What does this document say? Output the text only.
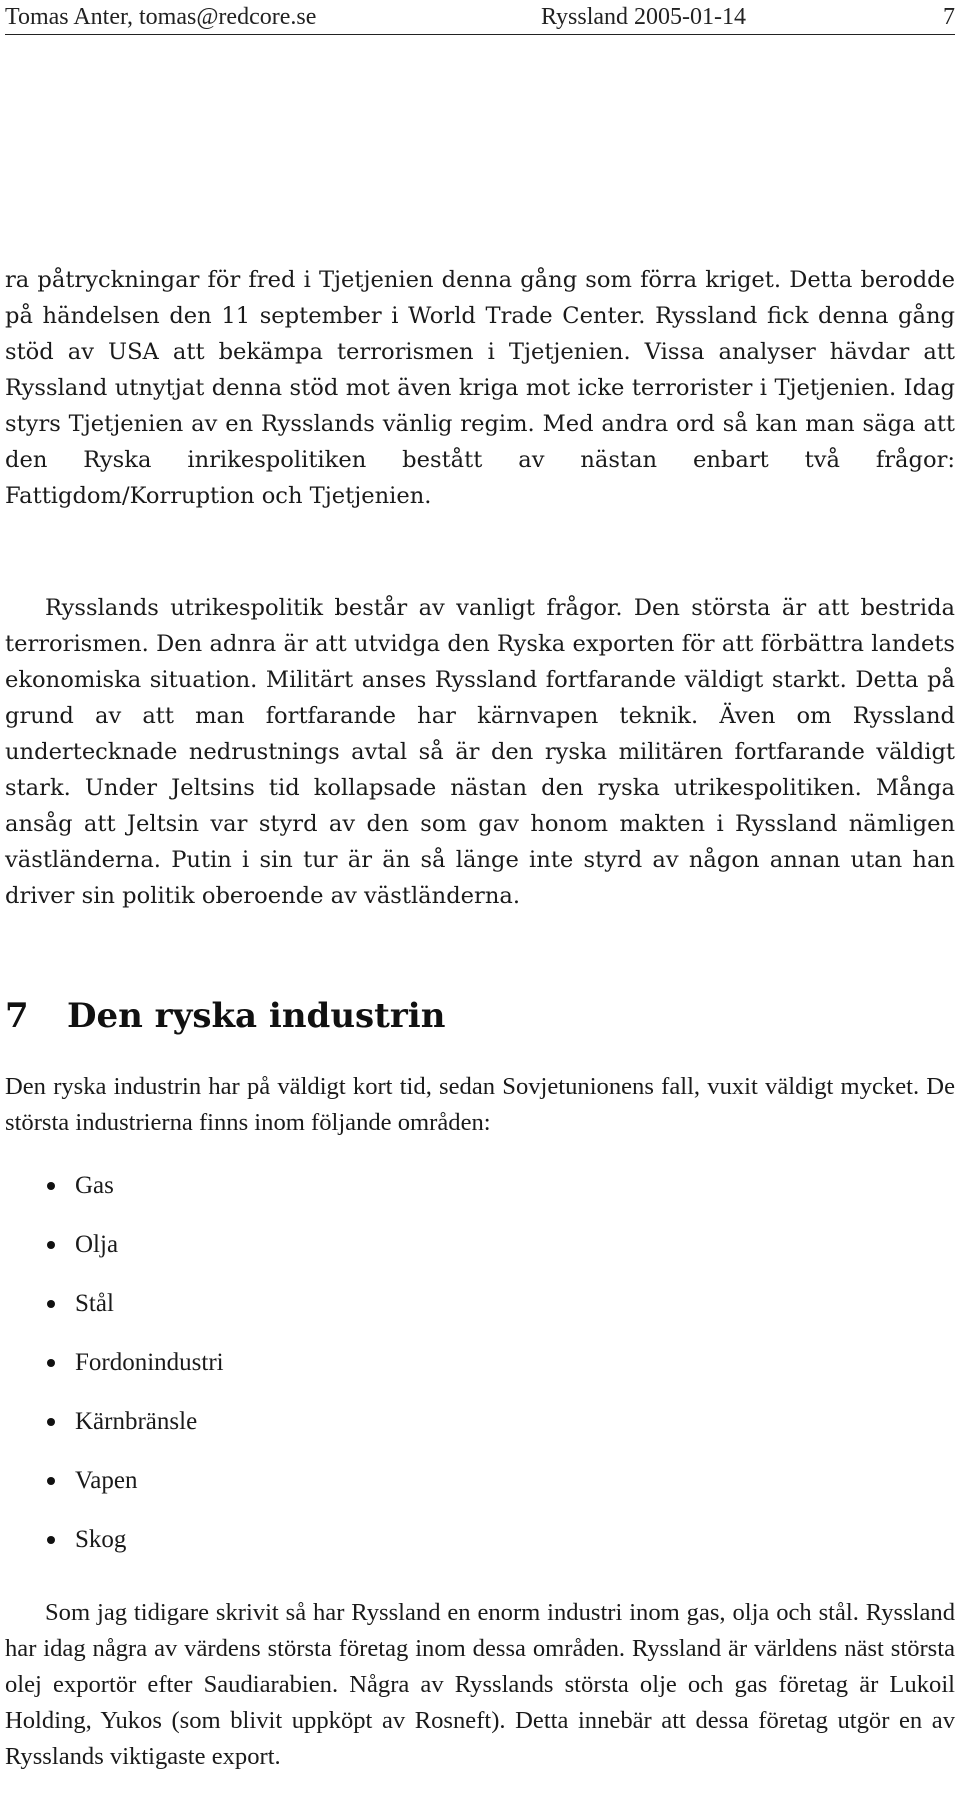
Tomas Anter, tomas@redcore.se	Ryssland 2005-01-14	7

ra påtryckningar för fred i Tjetjenien denna gång som förra kriget. Detta berodde på händelsen den 11 september i World Trade Center. Ryssland fick denna gång stöd av USA att bekämpa terrorismen i Tjetjenien. Vissa analyser hävdar att Ryssland utnytjat denna stöd mot även kriga mot icke terrorister i Tjetjenien. Idag styrs Tjetjenien av en Rysslands vänlig regim. Med andra ord så kan man säga att den Ryska inrikespolitiken bestått av nästan enbart två frågor: Fattigdom/Korruption och Tjetjenien.

Rysslands utrikespolitik består av vanligt frågor. Den största är att bestrida terrorismen. Den adnra är att utvidga den Ryska exporten för att förbättra landets ekonomiska situation. Militärt anses Ryssland fortfarande väldigt starkt. Detta på grund av att man fortfarande har kärnvapen teknik. Även om Ryssland undertecknade nedrustnings avtal så är den ryska militären fortfarande väldigt stark. Under Jeltsins tid kollapsade nästan den ryska utrikespolitiken. Många ansåg att Jeltsin var styrd av den som gav honom makten i Ryssland nämligen västländerna. Putin i sin tur är än så länge inte styrd av någon annan utan han driver sin politik oberoende av västländerna.

7 Den ryska industrin

Den ryska industrin har på väldigt kort tid, sedan Sovjetunionens fall, vuxit väldigt mycket. De största industrierna finns inom följande områden:

Gas
Olja
Stål
Fordonindustri
Kärnbränsle
Vapen
Skog

Som jag tidigare skrivit så har Ryssland en enorm industri inom gas, olja och stål. Ryssland har idag några av värdens största företag inom dessa områden. Ryssland är världens näst största olej exportör efter Saudiarabien. Några av Rysslands största olje och gas företag är Lukoil Holding, Yukos (som blivit uppköpt av Rosneft). Detta innebär att dessa företag utgör en av Rysslands viktigaste export.
